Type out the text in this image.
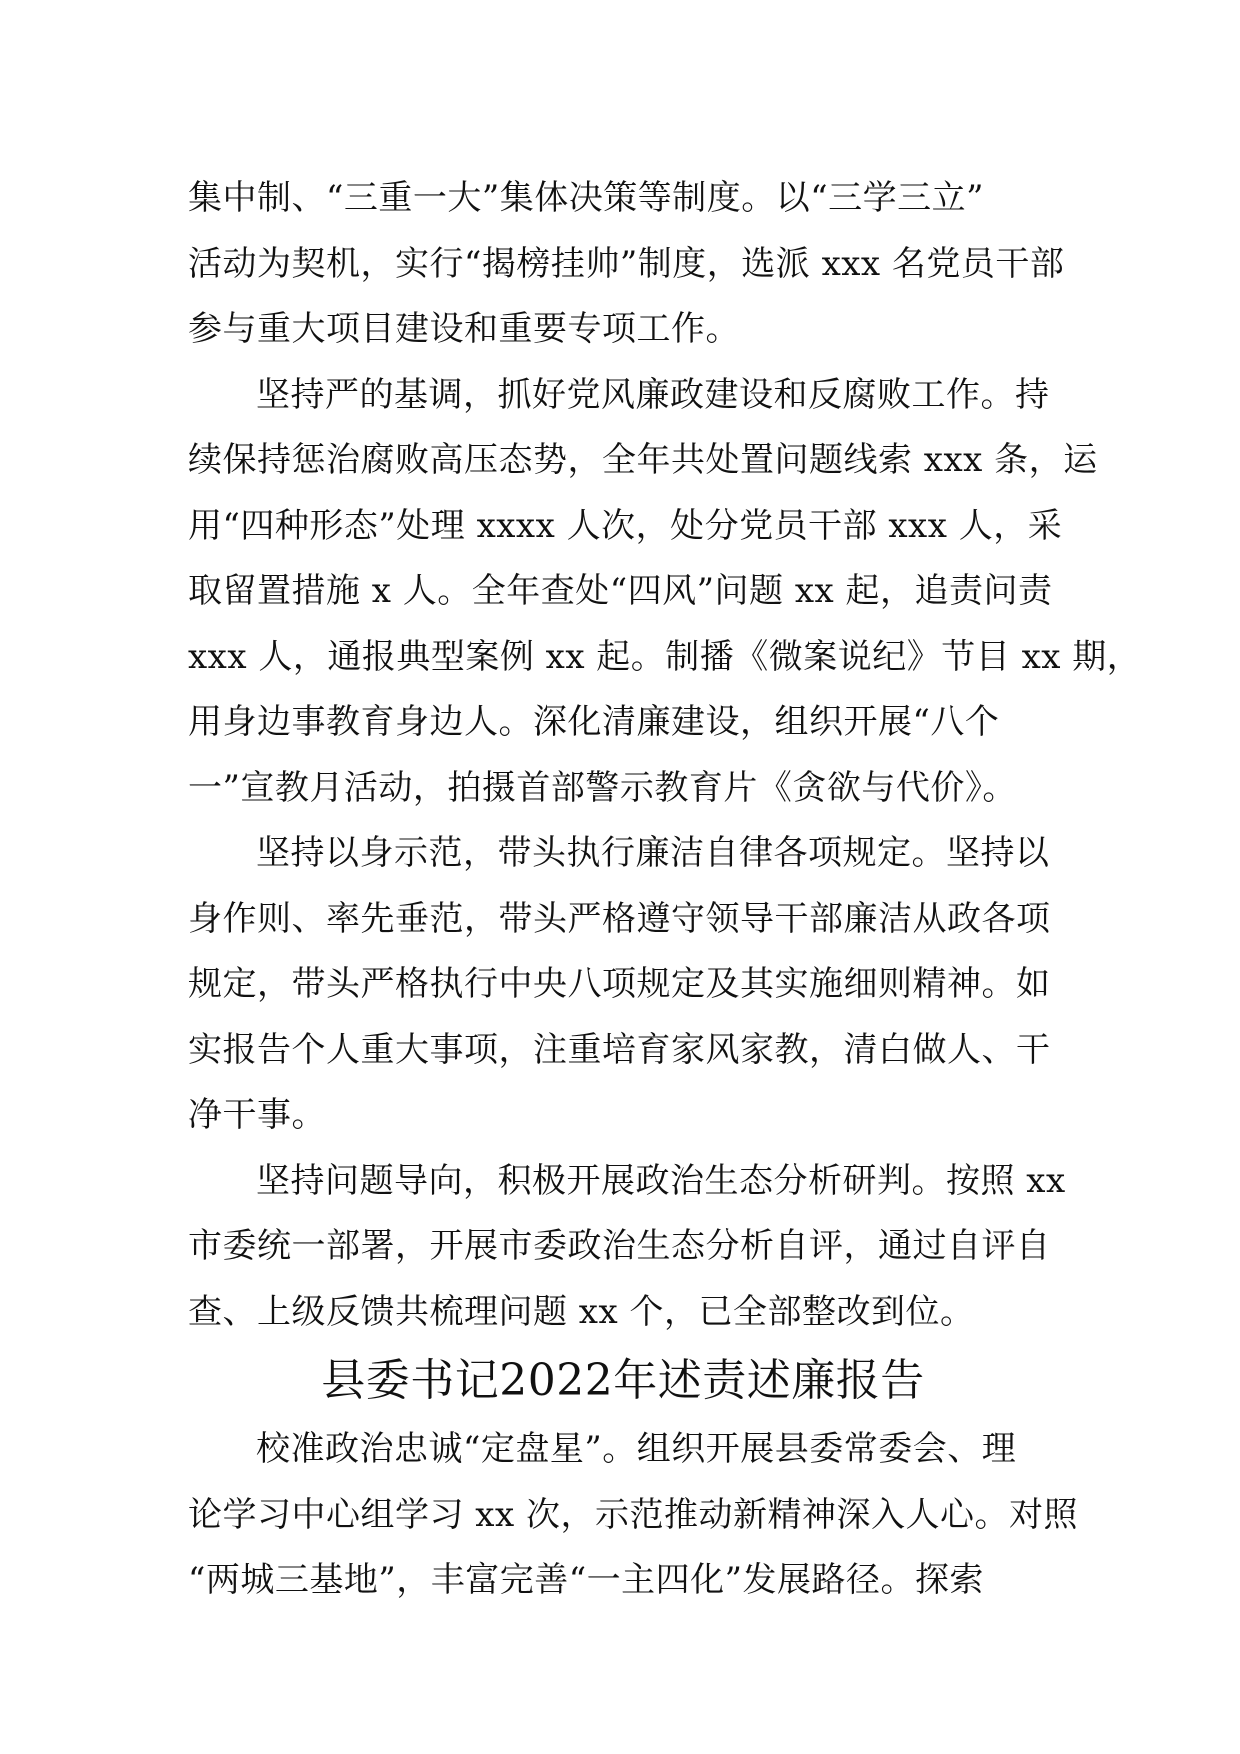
集中制、“三重一大”集体决策等制度。以“三学三立”
活动为契机，实行“揭榜挂帅”制度，选派 xxx 名党员干部
参与重大项目建设和重要专项工作。
坚持严的基调，抓好党风廉政建设和反腐败工作。持
续保持惩治腐败高压态势，全年共处置问题线索 xxx 条，运
用“四种形态”处理 xxxx 人次，处分党员干部 xxx 人，采
取留置措施 x 人。全年查处“四风”问题 xx 起，追责问责
xxx 人，通报典型案例 xx 起。制播《微案说纪》节目 xx 期，
用身边事教育身边人。深化清廉建设，组织开展“八个
一”宣教月活动，拍摄首部警示教育片《贪欲与代价》。
坚持以身示范，带头执行廉洁自律各项规定。坚持以
身作则、率先垂范，带头严格遵守领导干部廉洁从政各项
规定，带头严格执行中央八项规定及其实施细则精神。如
实报告个人重大事项，注重培育家风家教，清白做人、干
净干事。
坚持问题导向，积极开展政治生态分析研判。按照 xx
市委统一部署，开展市委政治生态分析自评，通过自评自
查、上级反馈共梳理问题 xx 个，已全部整改到位。
县委书记2022年述责述廉报告
校准政治忠诚“定盘星”。组织开展县委常委会、理
论学习中心组学习 xx 次，示范推动新精神深入人心。对照
“两城三基地”，丰富完善“一主四化”发展路径。探索
